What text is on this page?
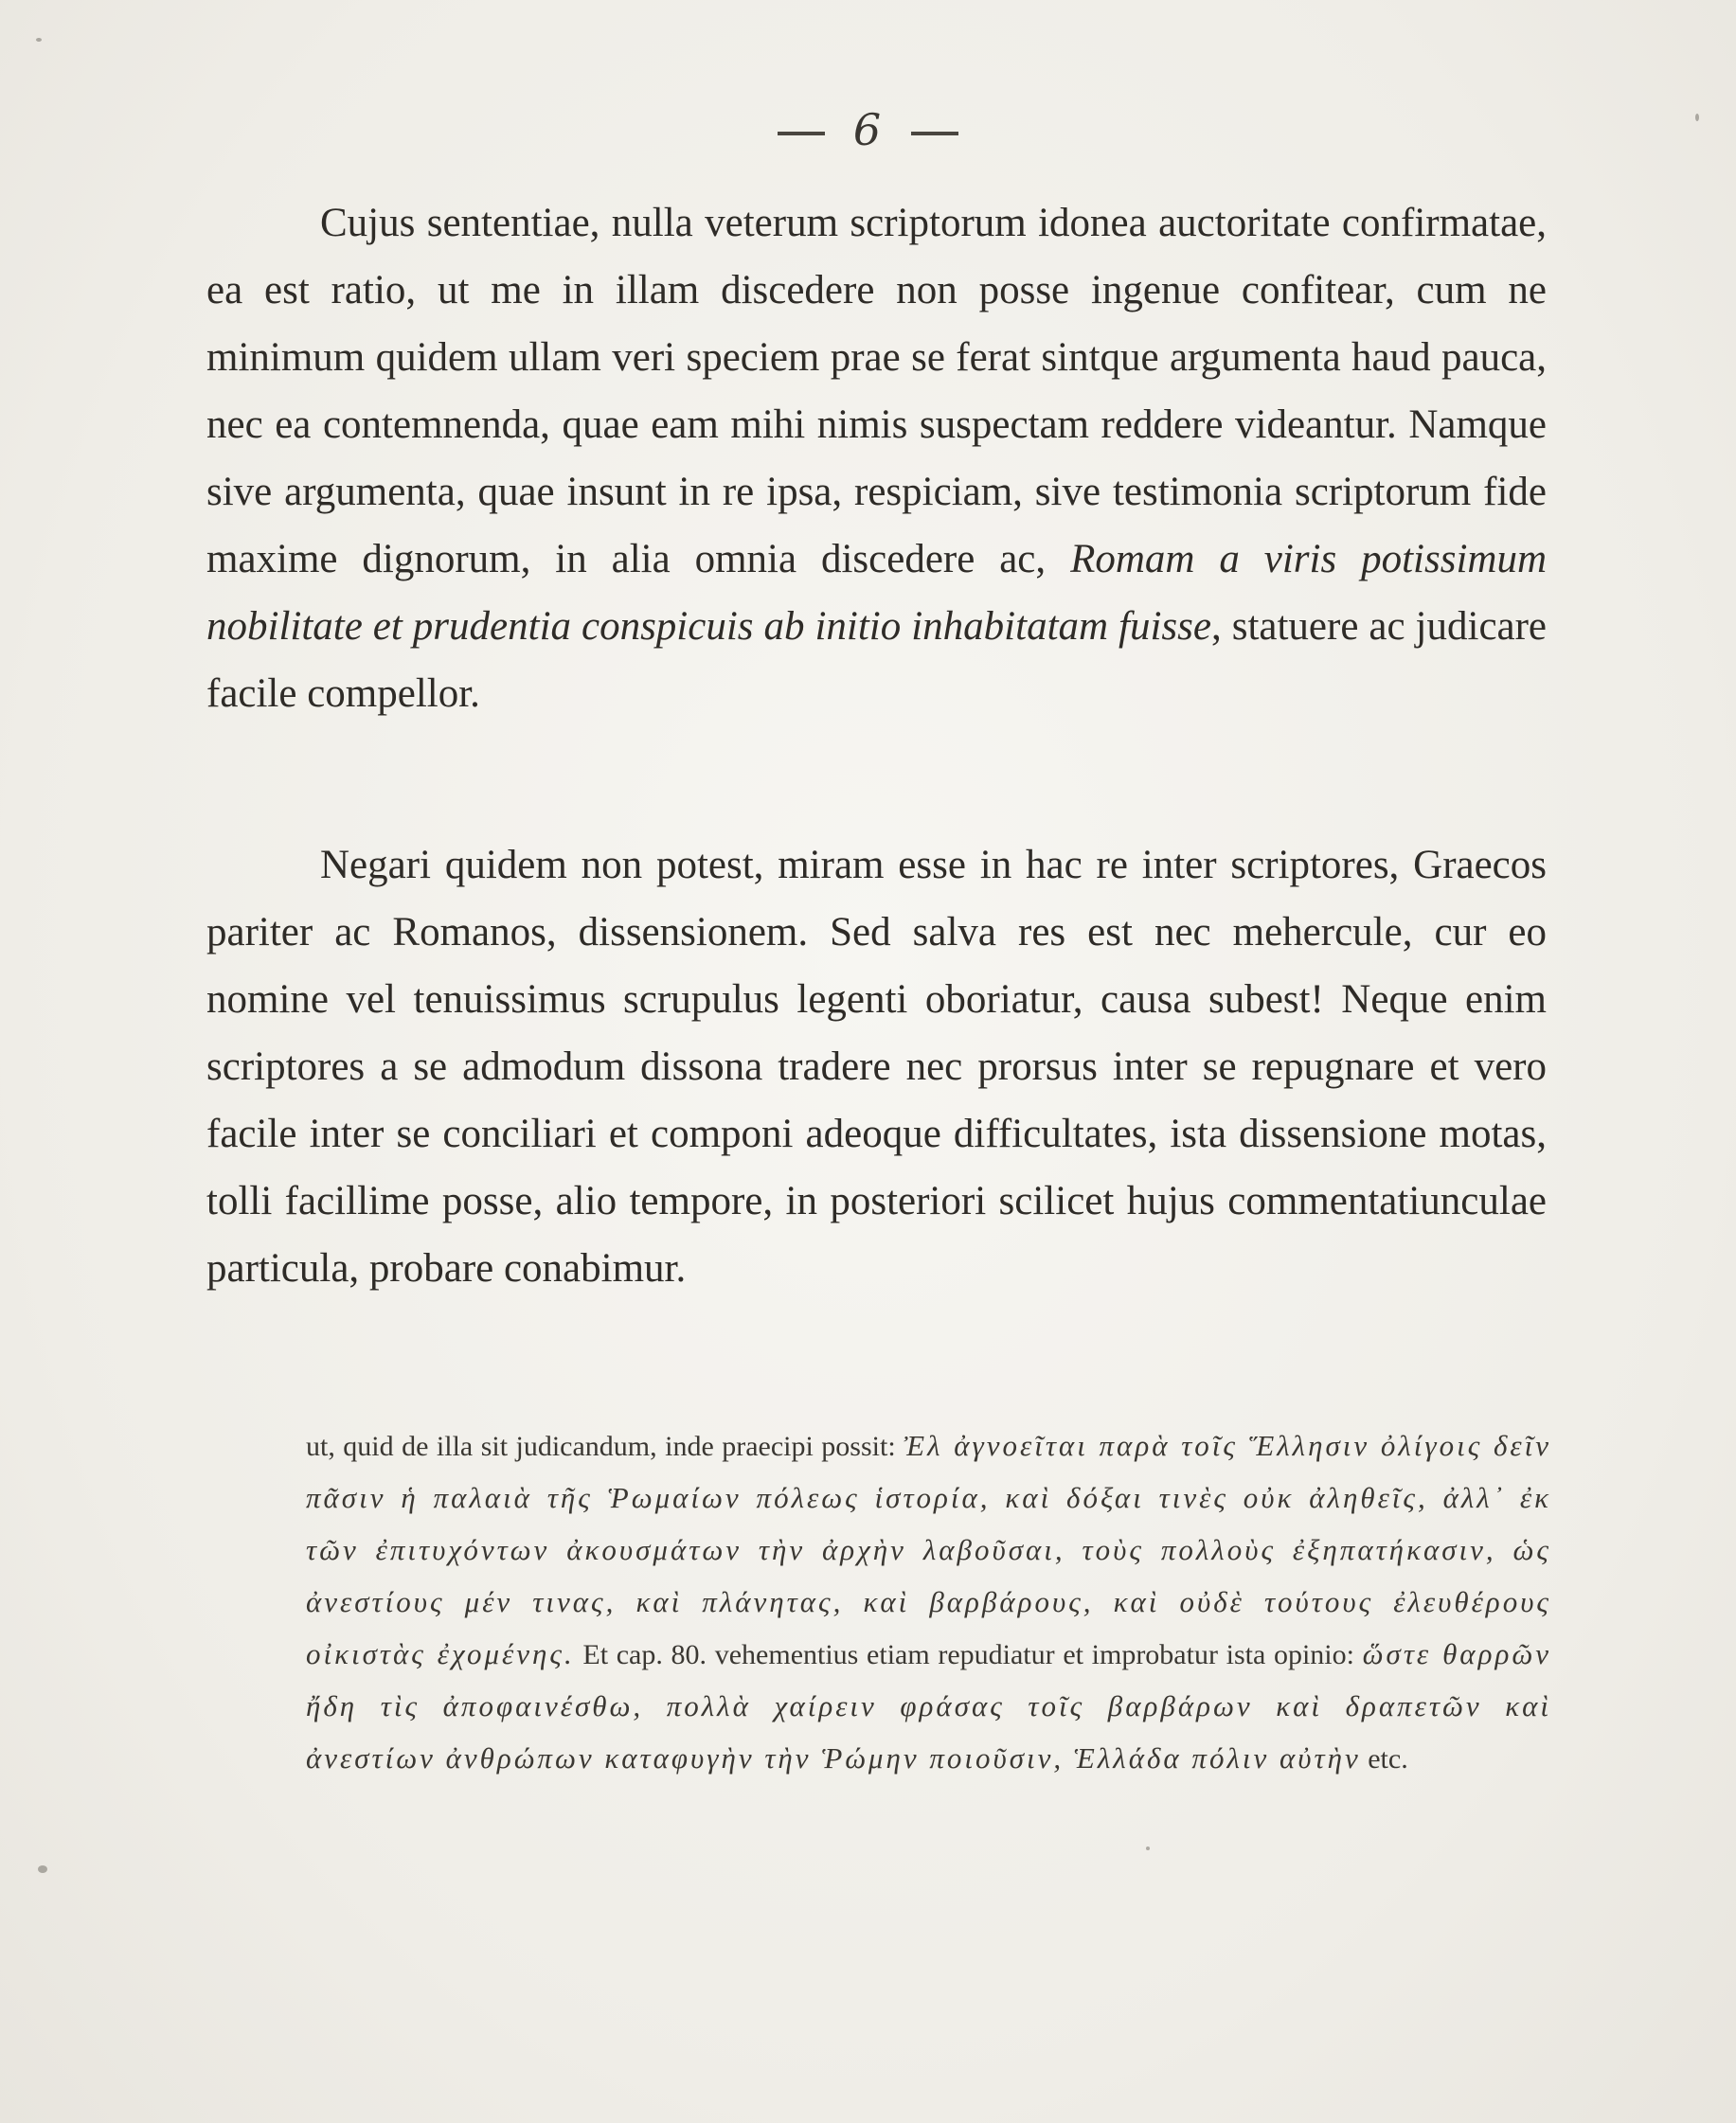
6

Cujus sententiae, nulla veterum scriptorum idonea auctoritate confirmatae, ea est ratio, ut me in illam discedere non posse ingenue confitear, cum ne minimum quidem ullam veri speciem prae se ferat sintque argumenta haud pauca, nec ea contemnenda, quae eam mihi nimis suspectam reddere videantur. Namque sive argumenta, quae insunt in re ipsa, respiciam, sive testimonia scriptorum fide maxime dignorum, in alia omnia discedere ac, Romam a viris potissimum nobilitate et prudentia conspicuis ab initio inhabitatam fuisse, statuere ac judicare facile compellor.

Negari quidem non potest, miram esse in hac re inter scriptores, Graecos pariter ac Romanos, dissensionem. Sed salva res est nec mehercule, cur eo nomine vel tenuissimus scrupulus legenti oboriatur, causa subest! Neque enim scriptores a se admodum dissona tradere nec prorsus inter se repugnare et vero facile inter se conciliari et componi adeoque difficultates, ista dissensione motas, tolli facillime posse, alio tempore, in posteriori scilicet hujus commentatiunculae particula, probare conabimur.

ut, quid de illa sit judicandum, inde praecipi possit: Ἐλ ἀγνοεῖται παρὰ τοῖς Ἕλλησιν ὀλίγοις δεῖν πᾶσιν ἡ παλαιὰ τῆς Ῥωμαίων πόλεως ἱστορία, καὶ δόξαι τινὲς οὐκ ἀληθεῖς, ἀλλ᾽ ἐκ τῶν ἐπιτυχόντων ἀκουσμάτων τὴν ἀρχὴν λαβοῦσαι, τοὺς πολλοὺς ἐξηπατήκασιν, ὡς ἀνεστίους μέν τινας, καὶ πλάνητας, καὶ βαρβάρους, καὶ οὐδὲ τούτους ἐλευθέρους οἰκιστὰς ἐχομένης. Et cap. 80. vehementius etiam repudiatur et improbatur ista opinio: ὥστε θαρρῶν ἤδη τὶς ἀποφαινέσθω, πολλὰ χαίρειν φράσας τοῖς βαρβάρων καὶ δραπετῶν καὶ ἀνεστίων ἀνθρώπων καταφυγὴν τὴν Ῥώμην ποιοῦσιν, Ἑλλάδα πόλιν αὐτὴν etc.
